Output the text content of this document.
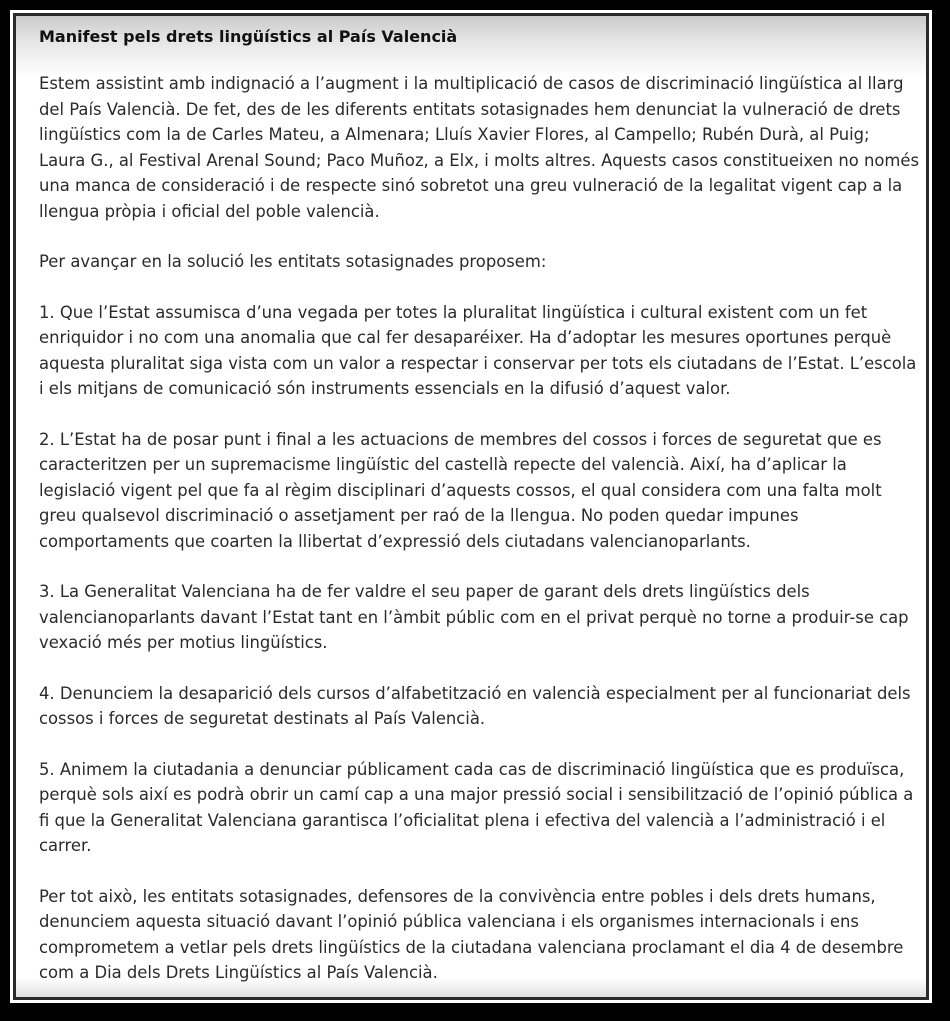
Manifest pels drets lingüístics al País Valencià

Estem assistint amb indignació a l’augment i la multiplicació de casos de discriminació lingüística al llarg del País Valencià. De fet, des de les diferents entitats sotasignades hem denunciat la vulneració de drets lingüístics com la de Carles Mateu, a Almenara; Lluís Xavier Flores, al Campello; Rubén Durà, al Puig; Laura G., al Festival Arenal Sound; Paco Muñoz, a Elx, i molts altres. Aquests casos constitueixen no només una manca de consideració i de respecte sinó sobretot una greu vulneració de la legalitat vigent cap a la llengua pròpia i oficial del poble valencià.

Per avançar en la solució les entitats sotasignades proposem:

1. Que l’Estat assumisca d’una vegada per totes la pluralitat lingüística i cultural existent com un fet enriquidor i no com una anomalia que cal fer desaparéixer. Ha d’adoptar les mesures oportunes perquè aquesta pluralitat siga vista com un valor a respectar i conservar per tots els ciutadans de l’Estat. L’escola i els mitjans de comunicació són instruments essencials en la difusió d’aquest valor.

2. L’Estat ha de posar punt i final a les actuacions de membres del cossos i forces de seguretat que es caracteritzen per un supremacisme lingüístic del castellà repecte del valencià. Així, ha d’aplicar la legislació vigent pel que fa al règim disciplinari d’aquests cossos, el qual considera com una falta molt greu qualsevol discriminació o assetjament per raó de la llengua. No poden quedar impunes comportaments que coarten la llibertat d’expressió dels ciutadans valencianoparlants.

3. La Generalitat Valenciana ha de fer valdre el seu paper de garant dels drets lingüístics dels valencianoparlants davant l’Estat tant en l’àmbit públic com en el privat perquè no torne a produir-se cap vexació més per motius lingüístics.

4. Denunciem la desaparició dels cursos d’alfabetització en valencià especialment per al funcionariat dels cossos i forces de seguretat destinats al País Valencià.

5. Animem la ciutadania a denunciar públicament cada cas de discriminació lingüística que es produïsca, perquè sols així es podrà obrir un camí cap a una major pressió social i sensibilització de l’opinió pública a fi que la Generalitat Valenciana garantisca l’oficialitat plena i efectiva del valencià a l’administració i el carrer.

Per tot això, les entitats sotasignades, defensores de la convivència entre pobles i dels drets humans, denunciem aquesta situació davant l’opinió pública valenciana i els organismes internacionals i ens comprometem a vetlar pels drets lingüístics de la ciutadana valenciana proclamant el dia 4 de desembre com a Dia dels Drets Lingüístics al País Valencià.
